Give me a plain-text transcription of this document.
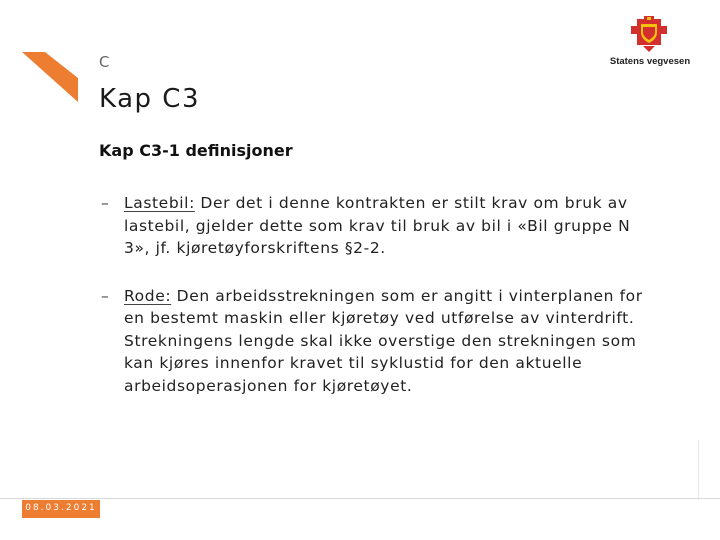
C
Kap C3
Statens vegvesen
Kap C3-1 definisjoner
– Lastebil: Der det i denne kontrakten er stilt krav om bruk av lastebil, gjelder dette som krav til bruk av bil i «Bil gruppe N 3», jf. kjøretøyforskriftens §2-2.
– Rode: Den arbeidsstrekningen som er angitt i vinterplanen for en bestemt maskin eller kjøretøy ved utførelse av vinterdrift. Strekningens lengde skal ikke overstige den strekningen som kan kjøres innenfor kravet til syklustid for den aktuelle arbeidsoperasjonen for kjøretøyet.
08.03.2021
